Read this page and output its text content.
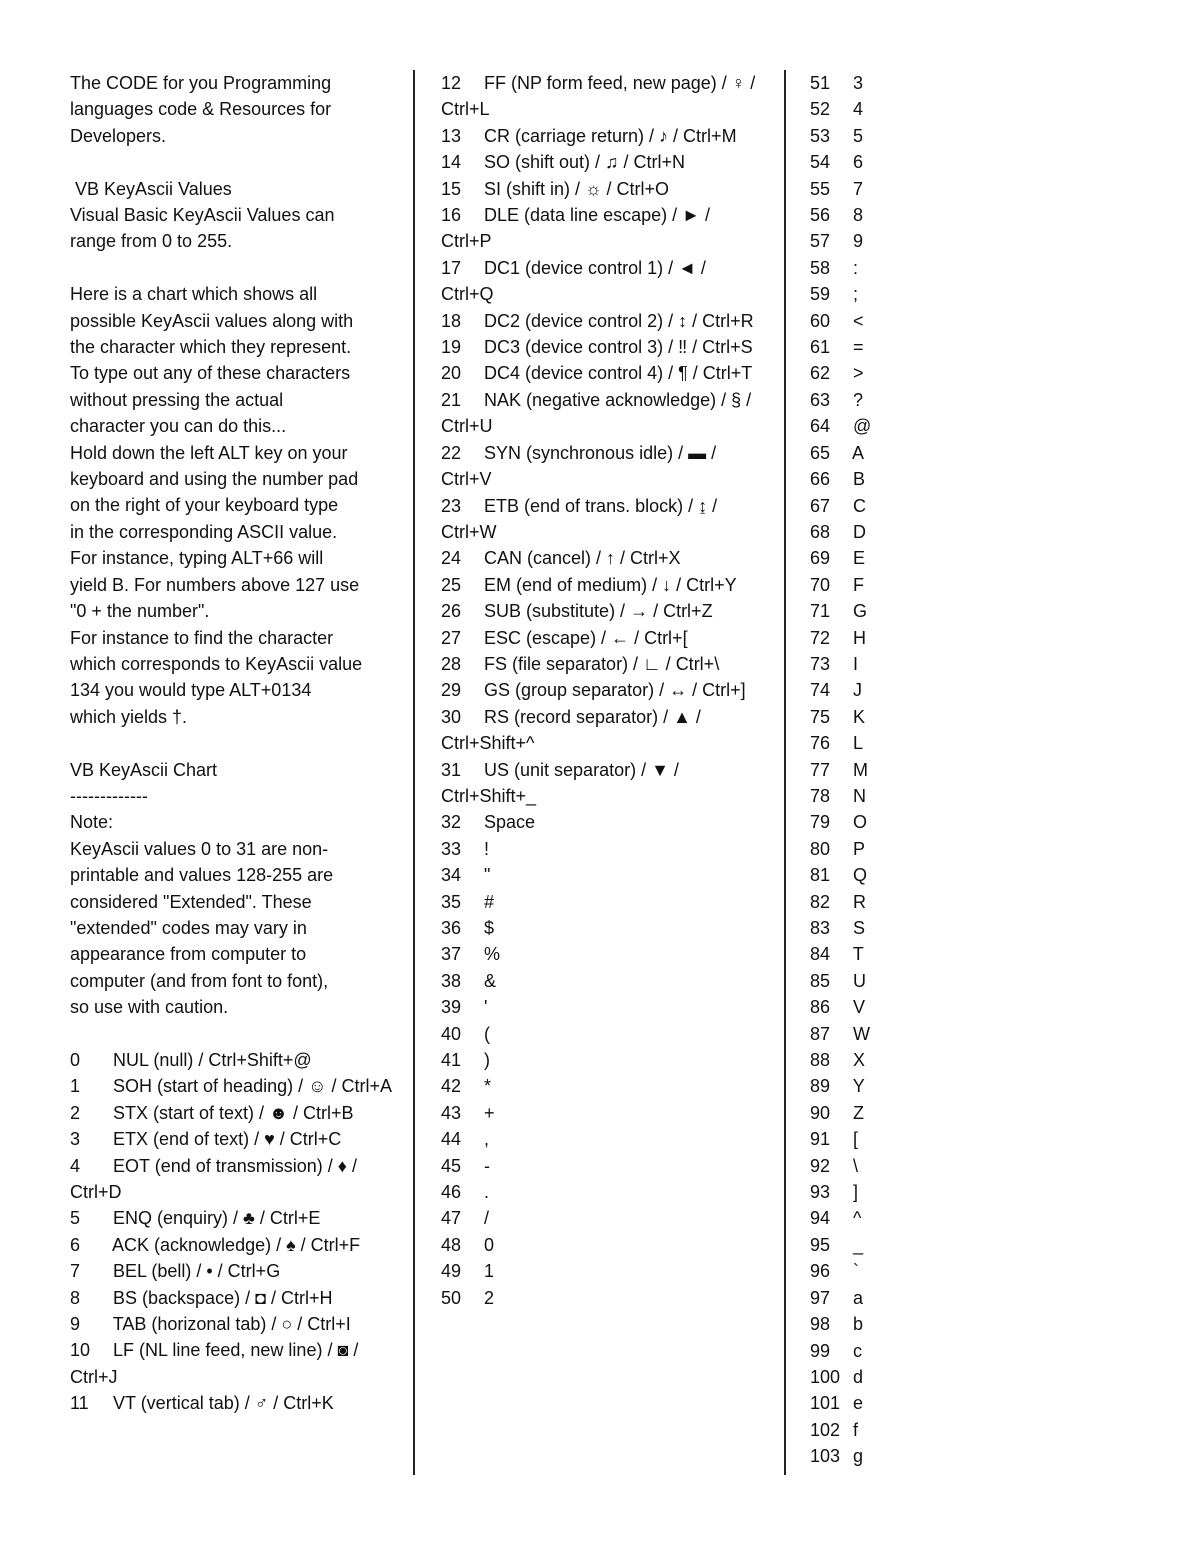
The CODE for you Programming
languages code & Resources for
Developers.
VB KeyAscii Values
Visual Basic KeyAscii Values can
range from 0 to 255.
Here is a chart which shows all
possible KeyAscii values along with
the character which they represent.
To type out any of these characters
without pressing the actual
character you can do this...
Hold down the left ALT key on your
keyboard and using the number pad
on the right of your keyboard type
in the corresponding ASCII value.
For instance, typing ALT+66 will
yield B. For numbers above 127 use
"0 + the number".
For instance to find the character
which corresponds to KeyAscii value
134 you would type ALT+0134
which yields †.
VB KeyAscii Chart
-------------
Note:
KeyAscii values 0 to 31 are non-
printable and values 128-255 are
considered "Extended". These
"extended" codes may vary in
appearance from computer to
computer (and from font to font),
so use with caution.
0 NUL (null) / Ctrl+Shift+@
1 SOH (start of heading) / ☺ / Ctrl+A
2 STX (start of text) / ☻ / Ctrl+B
3 ETX (end of text) / ♥ / Ctrl+C
4 EOT (end of transmission) / ♦ / Ctrl+D
5 ENQ (enquiry) / ♣ / Ctrl+E
6 ACK (acknowledge) / ♠ / Ctrl+F
7 BEL (bell) / • / Ctrl+G
8 BS (backspace) / ◘ / Ctrl+H
9 TAB (horizonal tab) / ○ / Ctrl+I
10 LF (NL line feed, new line) / ◙ / Ctrl+J
11 VT (vertical tab) / ♂ / Ctrl+K
12 FF (NP form feed, new page) / ♀ / Ctrl+L
13 CR (carriage return) / ♪ / Ctrl+M
14 SO (shift out) / ♫ / Ctrl+N
15 SI (shift in) / ☼ / Ctrl+O
16 DLE (data line escape) / ► / Ctrl+P
17 DC1 (device control 1) / ◄ / Ctrl+Q
18 DC2 (device control 2) / ↕ / Ctrl+R
19 DC3 (device control 3) / ‼ / Ctrl+S
20 DC4 (device control 4) / ¶ / Ctrl+T
21 NAK (negative acknowledge) / § / Ctrl+U
22 SYN (synchronous idle) / ▬ / Ctrl+V
23 ETB (end of trans. block) / ↨ / Ctrl+W
24 CAN (cancel) / ↑ / Ctrl+X
25 EM (end of medium) / ↓ / Ctrl+Y
26 SUB (substitute) / → / Ctrl+Z
27 ESC (escape) / ← / Ctrl+[
28 FS (file separator) / ∟ / Ctrl+\
29 GS (group separator) / ↔ / Ctrl+]
30 RS (record separator) / ▲ / Ctrl+Shift+^
31 US (unit separator) / ▼ / Ctrl+Shift+_
32 Space
33 !
34 "
35 #
36 $
37 %
38 &
39 '
40 (
41 )
42 *
43 +
44 ,
45 -
46 .
47 /
48 0
49 1
50 2
51 3
52 4
53 5
54 6
55 7
56 8
57 9
58 :
59 ;
60 <
61 =
62 >
63 ?
64 @
65 A
66 B
67 C
68 D
69 E
70 F
71 G
72 H
73 I
74 J
75 K
76 L
77 M
78 N
79 O
80 P
81 Q
82 R
83 S
84 T
85 U
86 V
87 W
88 X
89 Y
90 Z
91 [
92 \
93 ]
94 ^
95 _
96 `
97 a
98 b
99 c
100 d
101 e
102 f
103 g
